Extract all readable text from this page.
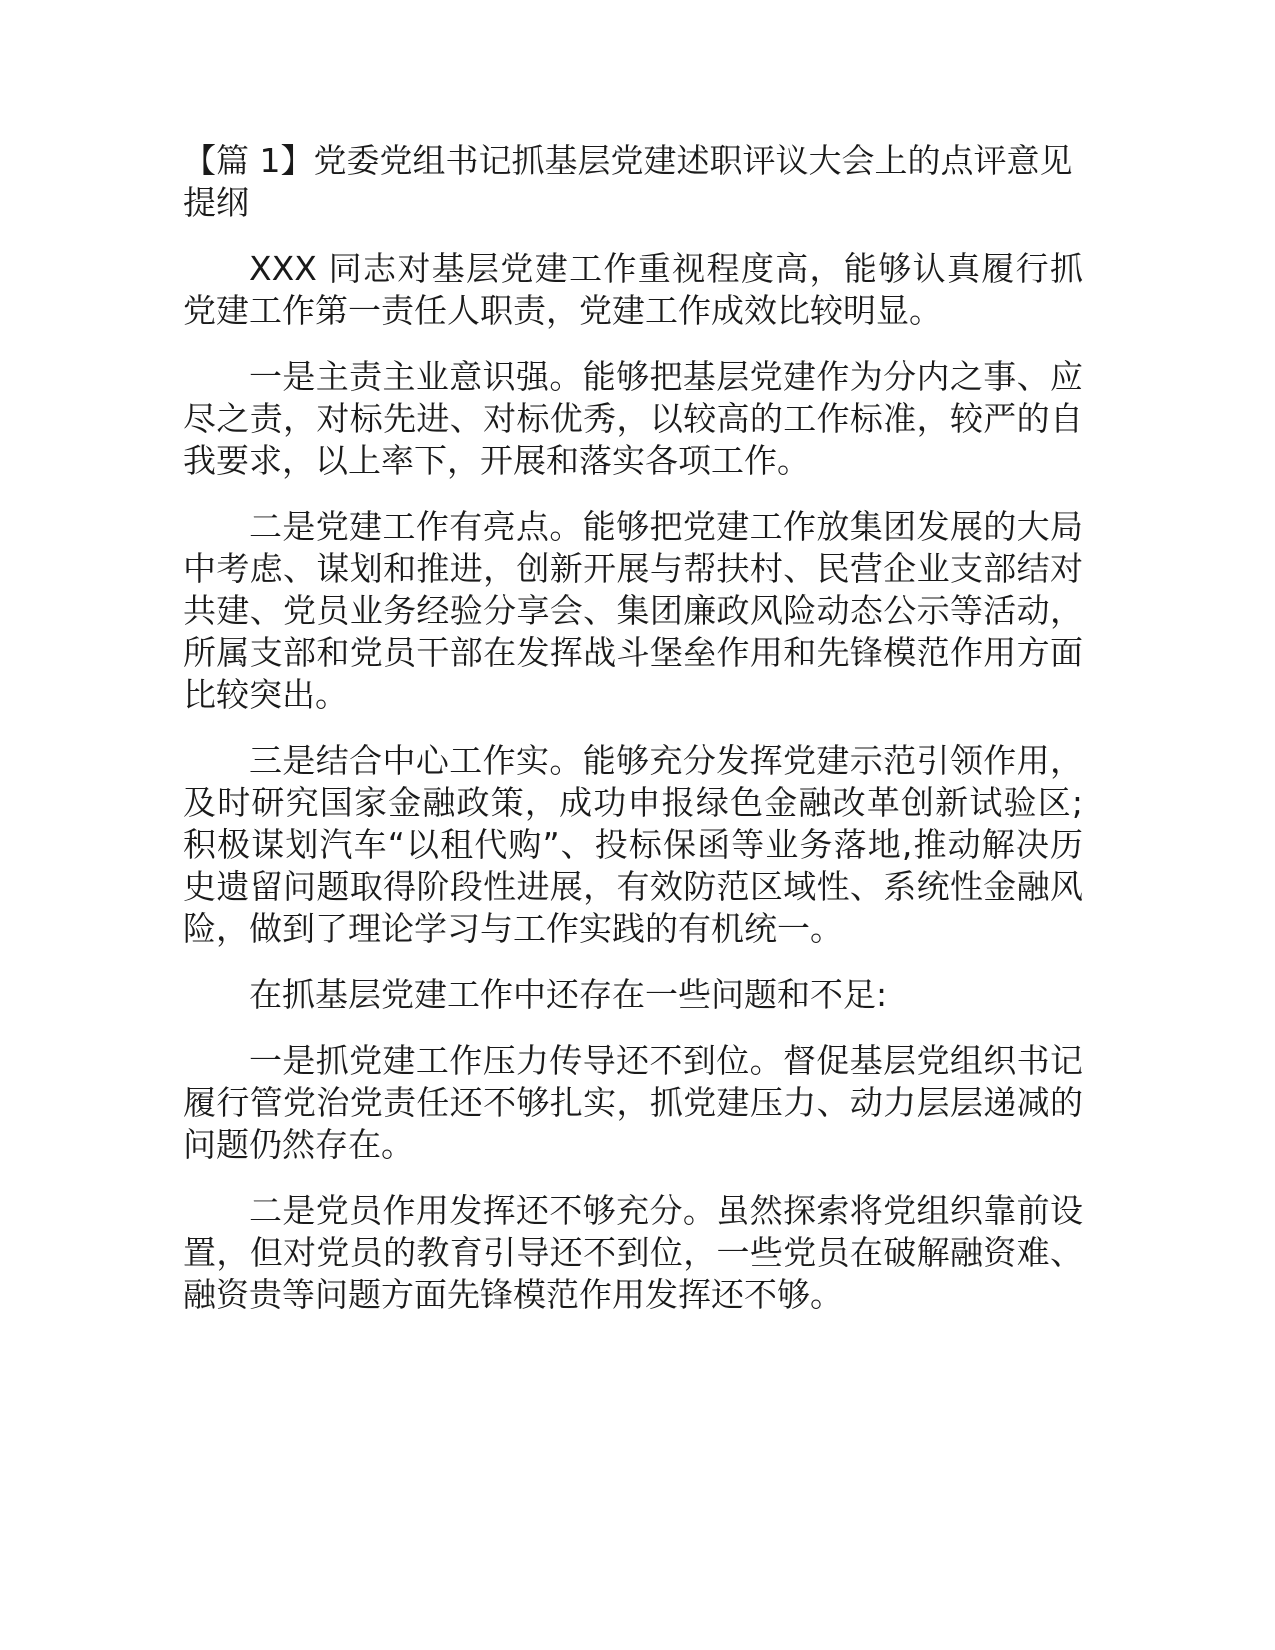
【篇 1】党委党组书记抓基层党建述职评议大会上的点评意见提纲

XXX 同志对基层党建工作重视程度高，能够认真履行抓党建工作第一责任人职责，党建工作成效比较明显。

一是主责主业意识强。能够把基层党建作为分内之事、应尽之责，对标先进、对标优秀，以较高的工作标准，较严的自我要求，以上率下，开展和落实各项工作。

二是党建工作有亮点。能够把党建工作放集团发展的大局中考虑、谋划和推进，创新开展与帮扶村、民营企业支部结对共建、党员业务经验分享会、集团廉政风险动态公示等活动，所属支部和党员干部在发挥战斗堡垒作用和先锋模范作用方面比较突出。

三是结合中心工作实。能够充分发挥党建示范引领作用，及时研究国家金融政策，成功申报绿色金融改革创新试验区;积极谋划汽车“以租代购”、投标保函等业务落地,推动解决历史遗留问题取得阶段性进展，有效防范区域性、系统性金融风险，做到了理论学习与工作实践的有机统一。

在抓基层党建工作中还存在一些问题和不足:

一是抓党建工作压力传导还不到位。督促基层党组织书记履行管党治党责任还不够扎实，抓党建压力、动力层层递减的问题仍然存在。

二是党员作用发挥还不够充分。虽然探索将党组织靠前设置，但对党员的教育引导还不到位，一些党员在破解融资难、融资贵等问题方面先锋模范作用发挥还不够。
